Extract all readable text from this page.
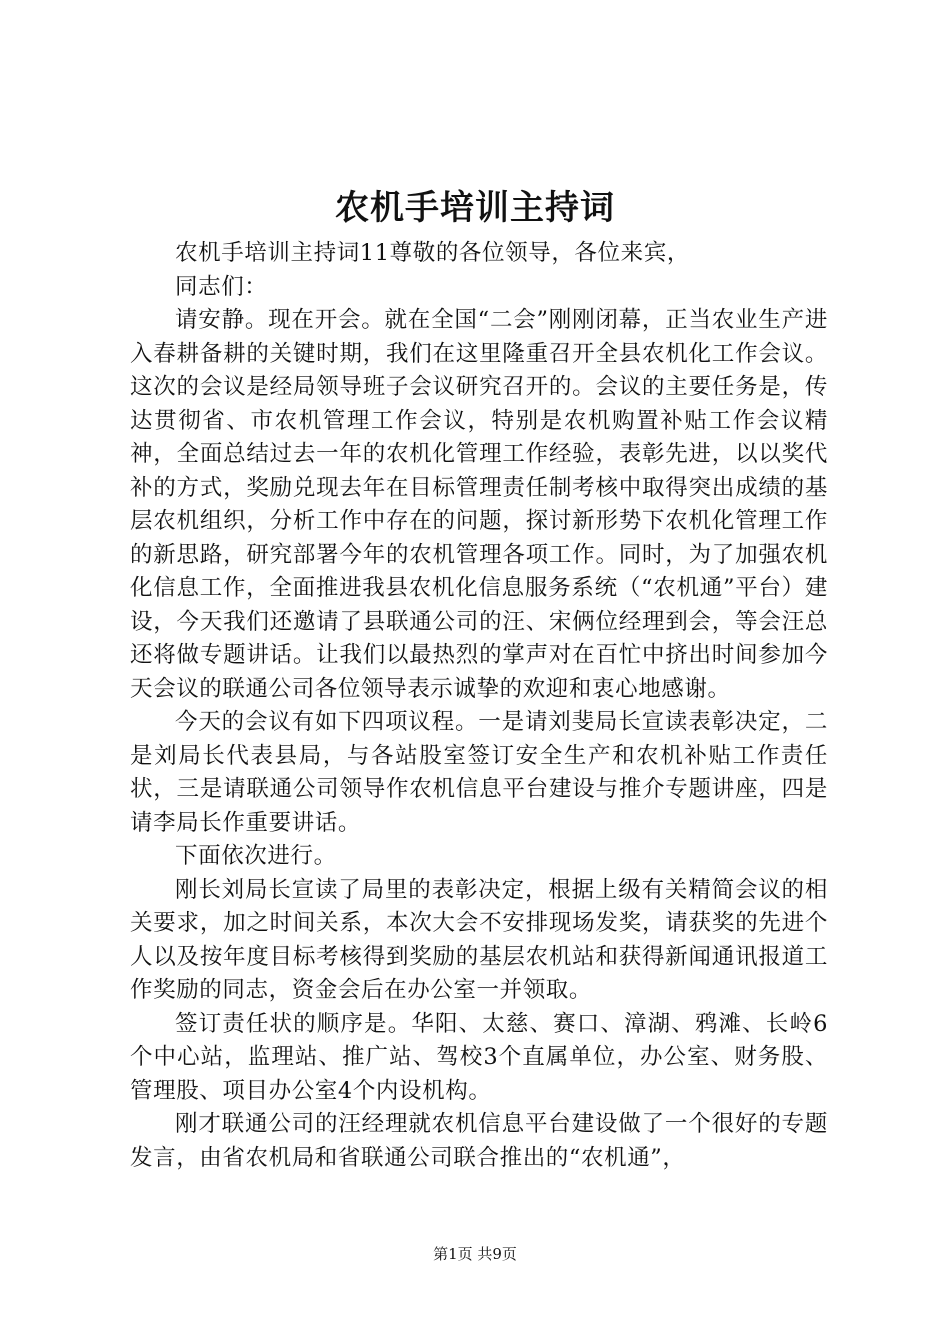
农机手培训主持词

农机手培训主持词11尊敬的各位领导，各位来宾，

同志们：

请安静。现在开会。就在全国“二会”刚刚闭幕，正当农业生产进入春耕备耕的关键时期，我们在这里隆重召开全县农机化工作会议。这次的会议是经局领导班子会议研究召开的。会议的主要任务是，传达贯彻省、市农机管理工作会议，特别是农机购置补贴工作会议精神，全面总结过去一年的农机化管理工作经验，表彰先进，以以奖代补的方式，奖励兑现去年在目标管理责任制考核中取得突出成绩的基层农机组织，分析工作中存在的问题，探讨新形势下农机化管理工作的新思路，研究部署今年的农机管理各项工作。同时，为了加强农机化信息工作，全面推进我县农机化信息服务系统（“农机通”平台）建设，今天我们还邀请了县联通公司的汪、宋俩位经理到会，等会汪总还将做专题讲话。让我们以最热烈的掌声对在百忙中挤出时间参加今天会议的联通公司各位领导表示诚挚的欢迎和衷心地感谢。

今天的会议有如下四项议程。一是请刘斐局长宣读表彰决定，二是刘局长代表县局，与各站股室签订安全生产和农机补贴工作责任状，三是请联通公司领导作农机信息平台建设与推介专题讲座，四是请李局长作重要讲话。

下面依次进行。

刚长刘局长宣读了局里的表彰决定，根据上级有关精简会议的相关要求，加之时间关系，本次大会不安排现场发奖，请获奖的先进个人以及按年度目标考核得到奖励的基层农机站和获得新闻通讯报道工作奖励的同志，资金会后在办公室一并领取。

签订责任状的顺序是。华阳、太慈、赛口、漳湖、鸦滩、长岭6个中心站，监理站、推广站、驾校3个直属单位，办公室、财务股、管理股、项目办公室4个内设机构。

刚才联通公司的汪经理就农机信息平台建设做了一个很好的专题发言，由省农机局和省联通公司联合推出的“农机通”，

第1页 共9页
